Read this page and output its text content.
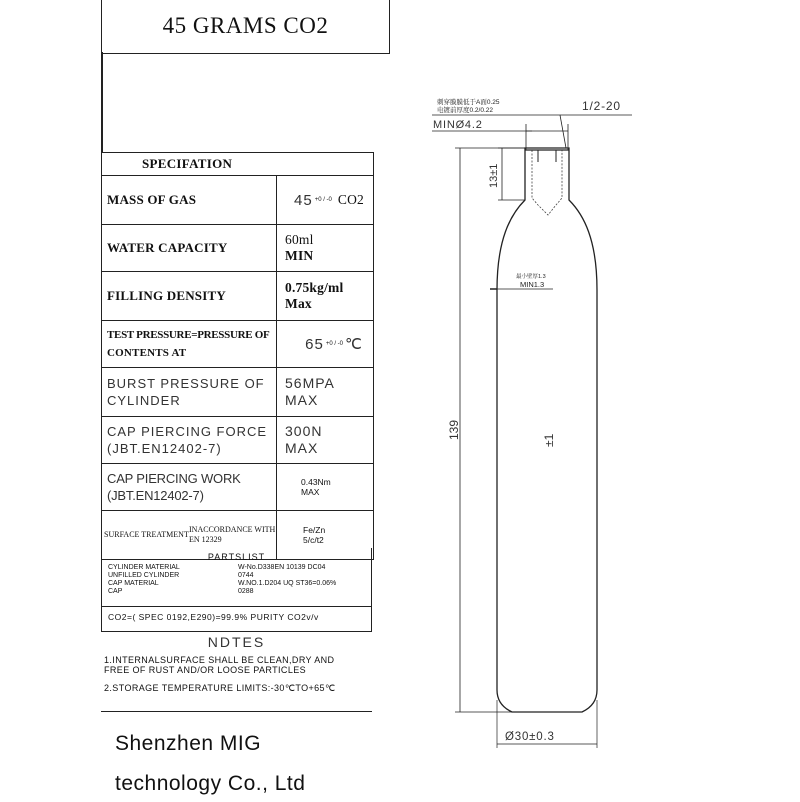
45 GRAMS CO2
SPECIFATION
MASS OF GAS	45 +0 / -0 CO2
WATER CAPACITY
60ml
MIN
FILLING DENSITY
0.75kg/ml
Max
TEST PRESSURE=PRESSURE OF
CONTENTS AT
65 +0 / -0 ℃
BURST PRESSURE OF
CYLINDER
56MPA
MAX
CAP PIERCING FORCE
(JBT.EN12402-7)
300N
MAX
CAP PIERCING WORK
(JBT.EN12402-7)
0.43Nm
MAX
SURFACE TREATMENT
INACCORDANCE WITH
EN 12329
Fe/Zn
5/c/t2
PARTSLIST
CYLINDER MATERIAL
UNFILLED CYLINDER
CAP MATERIAL
CAP
W-No.D338EN 10139 DC04
0744
W.NO.1.D204 UQ ST36=0.06%
0288
CO2=( SPEC 0192,E290)=99.9% PURITY CO2v/v
NDTES
1.INTERNALSURFACE SHALL BE CLEAN,DRY AND
FREE OF RUST AND/OR LOOSE PARTICLES
2.STORAGE TEMPERATURE LIMITS:-30℃TO+65℃
Shenzhen MIG
technology Co., Ltd
刺穿膜膜低于A面0.25
电镀前厚度0.2/0.22
MINØ4.2
1/2-20
13±1
最小壁厚1.3
MIN1.3
139
±1
Ø30±0.3
